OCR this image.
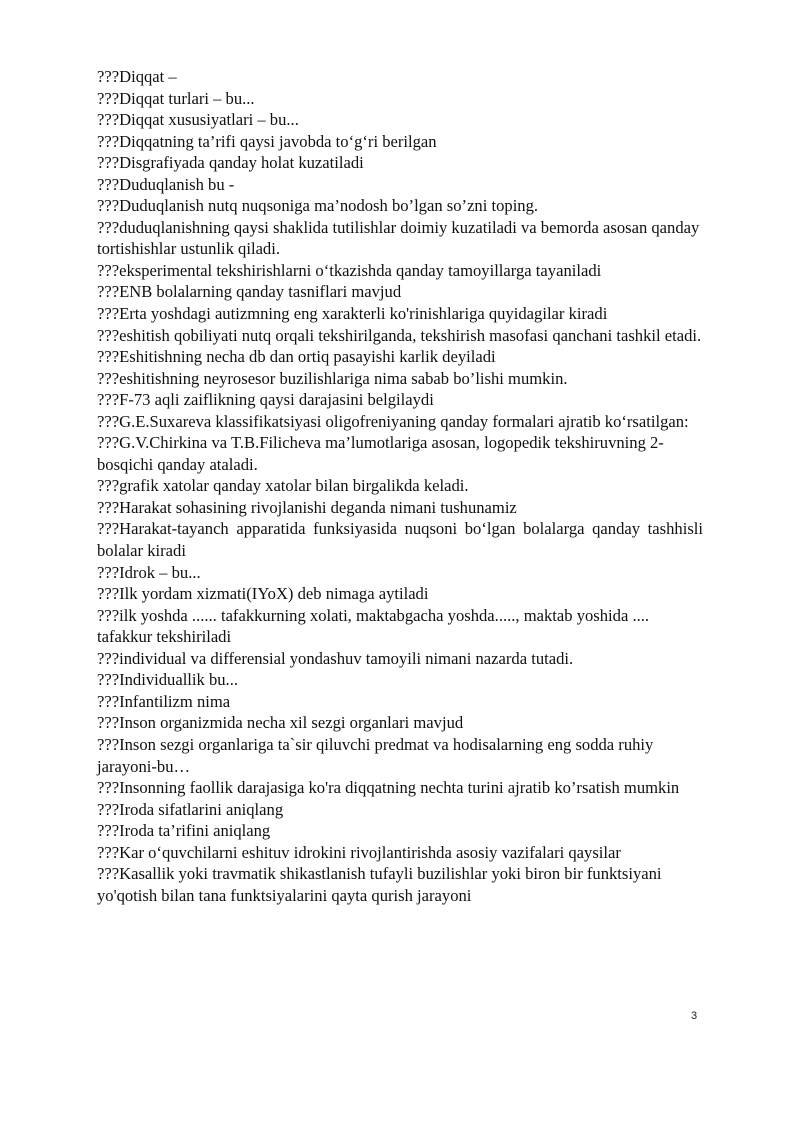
???Diqqat –

???Diqqat turlari – bu...

???Diqqat xususiyatlari – bu...

???Diqqatning ta’rifi qaysi javobda to‘g‘ri berilgan

???Disgrafiyada qanday holat kuzatiladi

???Duduqlanish bu -

???Duduqlanish nutq nuqsoniga ma’nodosh bo’lgan so’zni toping.

???duduqlanishning qaysi shaklida tutilishlar doimiy kuzatiladi va bemorda asosan qanday tortishishlar ustunlik qiladi.

???eksperimental tekshirishlarni o‘tkazishda qanday tamoyillarga tayaniladi

???ENB bolalarning qanday tasniflari mavjud

???Erta yoshdagi autizmning eng xarakterli ko'rinishlariga quyidagilar kiradi

???eshitish qobiliyati nutq orqali tekshirilganda, tekshirish masofasi qanchani tashkil etadi.

???Eshitishning necha db dan ortiq pasayishi karlik deyiladi

???eshitishning neyrosesor buzilishlariga nima sabab bo’lishi mumkin.

???F-73 aqli zaiflikning qaysi darajasini belgilaydi

???G.E.Suxareva klassifikatsiyasi oligofreniyaning qanday formalari ajratib ko‘rsatilgan:

???G.V.Chirkina va T.B.Filicheva ma’lumotlariga asosan, logopedik tekshiruvning 2-bosqichi qanday ataladi.

???grafik xatolar qanday xatolar bilan birgalikda keladi.

???Harakat sohasining rivojlanishi deganda nimani tushunamiz

???Harakat-tayanch apparatida funksiyasida nuqsoni bo‘lgan bolalarga qanday tashhisli bolalar kiradi

???Idrok – bu...

???Ilk yordam xizmati(IYoX) deb nimaga aytiladi

???ilk yoshda ...... tafakkurning xolati, maktabgacha yoshda....., maktab yoshida .... tafakkur tekshiriladi

???individual va differensial yondashuv tamoyili nimani nazarda tutadi.

???Individuallik bu...

???Infantilizm nima

???Inson organizmida necha xil sezgi organlari mavjud

???Inson sezgi organlariga ta`sir qiluvchi predmat va hodisalarning eng sodda ruhiy jarayoni-bu…

???Insonning faollik darajasiga ko'ra diqqatning nechta turini ajratib ko’rsatish mumkin

???Iroda sifatlarini aniqlang

???Iroda ta’rifini aniqlang

???Kar o‘quvchilarni eshituv idrokini rivojlantirishda asosiy vazifalari qaysilar

???Kasallik yoki travmatik shikastlanish tufayli buzilishlar yoki biron bir funktsiyani yo'qotish bilan tana funktsiyalarini qayta qurish jarayoni

3
